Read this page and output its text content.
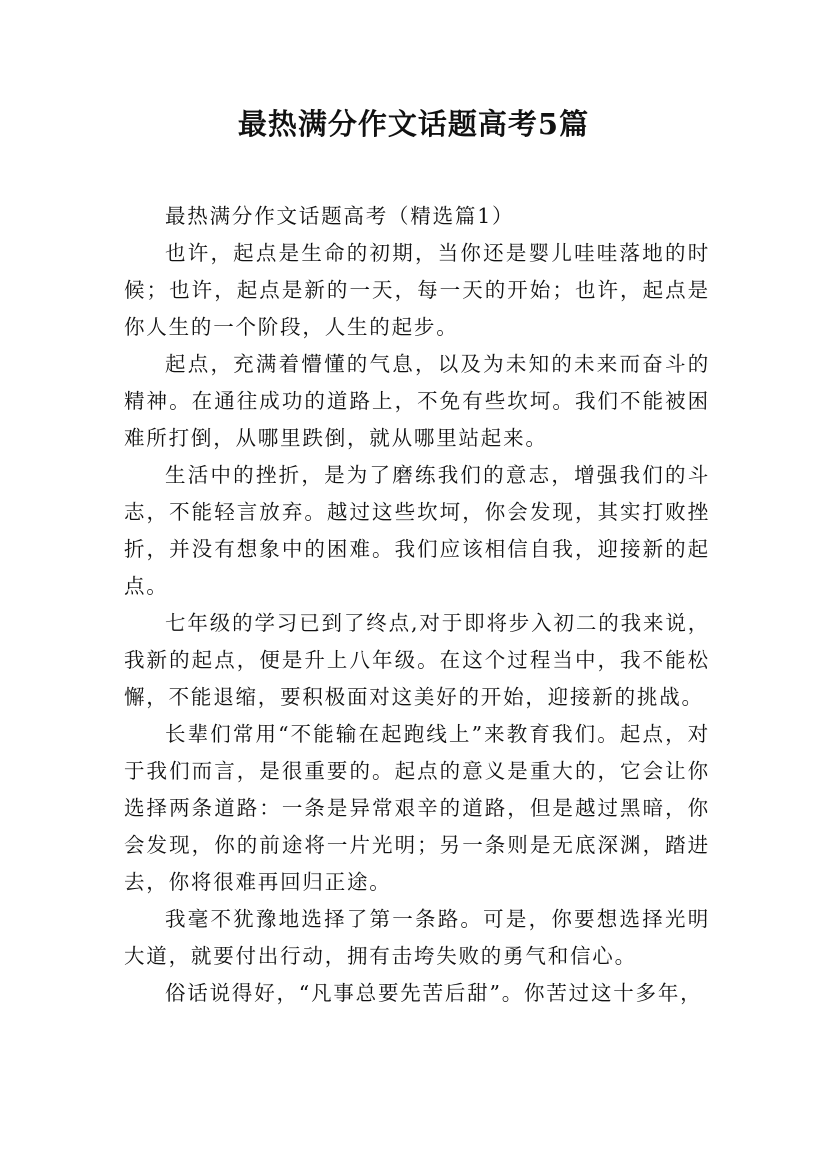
最热满分作文话题高考5篇

最热满分作文话题高考（精选篇1）

也许，起点是生命的初期，当你还是婴儿哇哇落地的时候；也许，起点是新的一天，每一天的开始；也许，起点是你人生的一个阶段，人生的起步。

起点，充满着懵懂的气息，以及为未知的未来而奋斗的精神。在通往成功的道路上，不免有些坎坷。我们不能被困难所打倒，从哪里跌倒，就从哪里站起来。

生活中的挫折，是为了磨练我们的意志，增强我们的斗志，不能轻言放弃。越过这些坎坷，你会发现，其实打败挫折，并没有想象中的困难。我们应该相信自我，迎接新的起点。

七年级的学习已到了终点,对于即将步入初二的我来说，我新的起点，便是升上八年级。在这个过程当中，我不能松懈，不能退缩，要积极面对这美好的开始，迎接新的挑战。

长辈们常用“不能输在起跑线上”来教育我们。起点，对于我们而言，是很重要的。起点的意义是重大的，它会让你选择两条道路：一条是异常艰辛的道路，但是越过黑暗，你会发现，你的前途将一片光明；另一条则是无底深渊，踏进去，你将很难再回归正途。

我毫不犹豫地选择了第一条路。可是，你要想选择光明大道，就要付出行动，拥有击垮失败的勇气和信心。

俗话说得好，“凡事总要先苦后甜”。你苦过这十多年，
